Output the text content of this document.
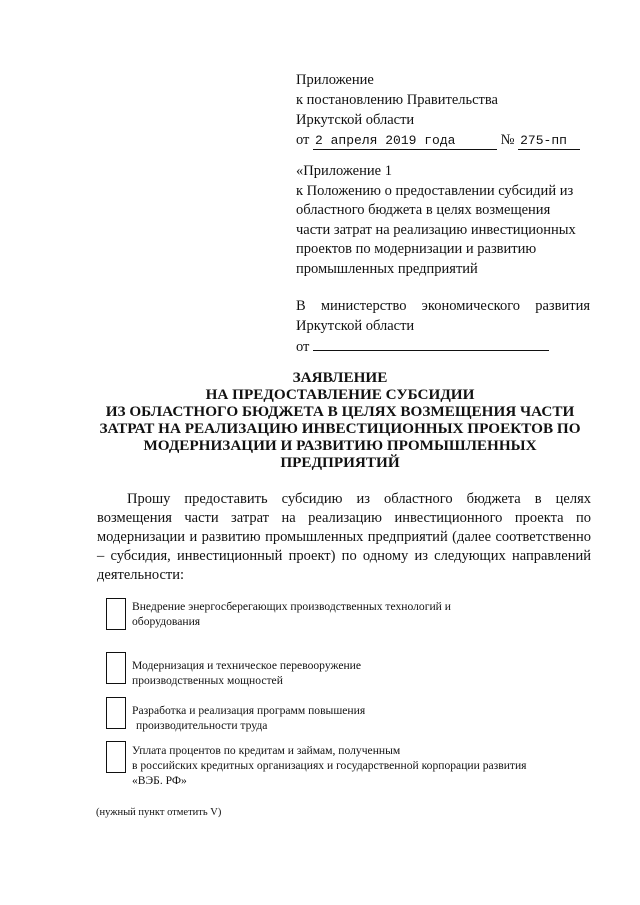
Приложение
к постановлению Правительства
Иркутской области
от 2 апреля 2019 года	№ 275-пп
«Приложение 1
к Положению о предоставлении субсидий из
областного бюджета в целях возмещения
части затрат на реализацию инвестиционных
проектов по модернизации и развитию
промышленных предприятий
В министерство экономического развития
Иркутской области
от
ЗАЯВЛЕНИЕ
НА ПРЕДОСТАВЛЕНИЕ СУБСИДИИ
ИЗ ОБЛАСТНОГО БЮДЖЕТА В ЦЕЛЯХ ВОЗМЕЩЕНИЯ ЧАСТИ
ЗАТРАТ НА РЕАЛИЗАЦИЮ ИНВЕСТИЦИОННЫХ ПРОЕКТОВ ПО
МОДЕРНИЗАЦИИ И РАЗВИТИЮ ПРОМЫШЛЕННЫХ
ПРЕДПРИЯТИЙ

Прошу предоставить субсидию из областного бюджета в целях возмещения части затрат на реализацию инвестиционного проекта по модернизации и развитию промышленных предприятий (далее соответственно – субсидия, инвестиционный проект) по одному из следующих направлений деятельности:

Внедрение энергосберегающих производственных технологий и
оборудования
Модернизация и техническое перевооружение
производственных мощностей
Разработка и реализация программ повышения
производительности труда
Уплата процентов по кредитам и займам, полученным
в российских кредитных организациях и государственной корпорации развития
«ВЭБ. РФ»
(нужный пункт отметить V)
